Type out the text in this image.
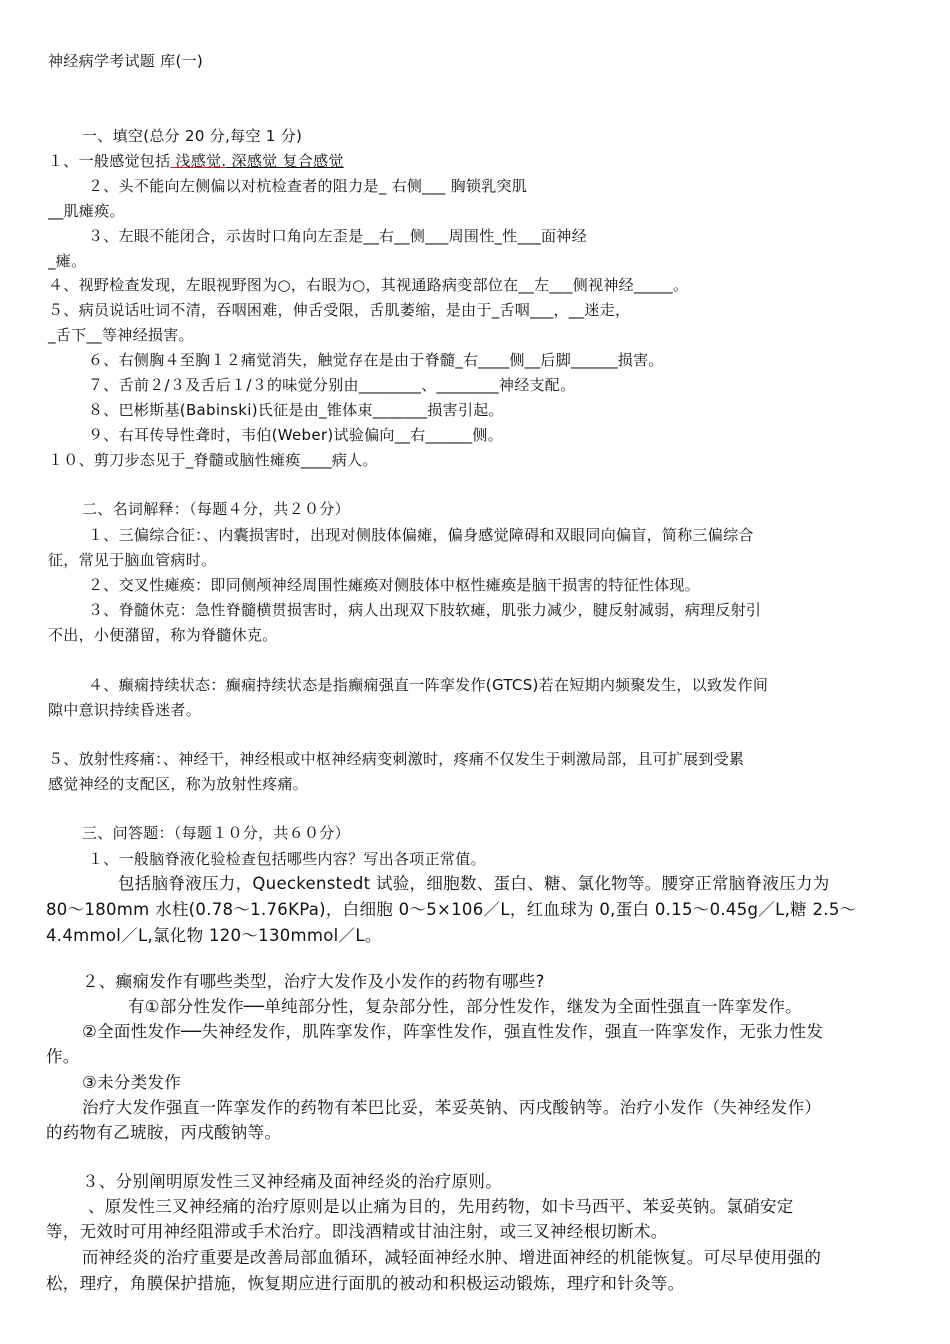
神经病学考试题 库(一)
一、填空(总分 20 分,每空 1 分)
１、一般感觉包括 浅感觉. 深感觉 复合感觉
２、头不能向左侧偏以对杭检查者的阻力是_ 右侧___ 胸锁乳突肌
__肌瘫痪。
３、左眼不能闭合，示齿时口角向左歪是__右__侧___周围性_性___面神经
_瘫。
４、视野检查发现，左眼视野图为○，右眼为○，其视通路病变部位在__左___侧视神经_____。
５、病员说话吐词不清，吞咽困难，伸舌受限，舌肌萎缩，是由于_舌咽___，__迷走，
_舌下__等神经损害。
６、右侧胸４至胸１２痛觉消失，触觉存在是由于脊髓_右____侧__后脚______损害。
７、舌前２/３及舌后１/３的味觉分别由________、________神经支配。
８、巴彬斯基(Babinski)氏征是由_锥体束_______损害引起。
９、右耳传导性聋时，韦伯(Weber)试验偏向__右______侧。
１０、剪刀步态见于_脊髓或脑性瘫痪____病人。
二、名词解释：（每题４分，共２０分）
１、三偏综合征：、内囊损害时，出现对侧肢体偏瘫，偏身感觉障碍和双眼同向偏盲，简称三偏综合
征，常见于脑血管病时。
２、交叉性瘫痪：即同侧颅神经周围性瘫痪对侧肢体中枢性瘫痪是脑干损害的特征性体现。
３、脊髓休克：急性脊髓横贯损害时，病人出现双下肢软瘫，肌张力减少，腱反射减弱，病理反射引
不出，小便潴留，称为脊髓休克。
４、癫痫持续状态：癫痫持续状态是指癫痫强直一阵挛发作(GTCS)若在短期内频聚发生，以致发作间
隙中意识持续昏迷者。
５、放射性疼痛：、神经干，神经根或中枢神经病变刺激时，疼痛不仅发生于刺激局部，且可扩展到受累
感觉神经的支配区，称为放射性疼痛。
三、问答题：（每题１０分，共６０分）
１、一般脑脊液化验检查包括哪些内容？写出各项正常值。
包括脑脊液压力，Queckenstedt 试验，细胞数、蛋白、糖、氯化物等。腰穿正常脑脊液压力为
80～180mm 水柱(0.78～1.76KPa)，白细胞 0～5×106／L，红血球为 0,蛋白 0.15～0.45g／L,糖 2.5～
4.4mmol／L,氯化物 120～130mmol／L。
２、癫痫发作有哪些类型，治疗大发作及小发作的药物有哪些?
有①部分性发作──单纯部分性，复杂部分性，部分性发作，继发为全面性强直一阵挛发作。
②全面性发作──失神经发作，肌阵挛发作，阵挛性发作，强直性发作，强直一阵挛发作，无张力性发
作。
③未分类发作
治疗大发作强直一阵挛发作的药物有苯巴比妥，苯妥英钠、丙戌酸钠等。治疗小发作（失神经发作）
的药物有乙琥胺，丙戌酸钠等。
３、分别阐明原发性三叉神经痛及面神经炎的治疗原则。
、原发性三叉神经痛的治疗原则是以止痛为目的，先用药物，如卡马西平、苯妥英钠。氯硝安定
等，无效时可用神经阻滞或手术治疗。即浅酒精或甘油注射，或三叉神经根切断术。
而神经炎的治疗重要是改善局部血循环，减轻面神经水肿、增进面神经的机能恢复。可尽早使用强的
松，理疗，角膜保护措施，恢复期应进行面肌的被动和积极运动锻炼，理疗和针灸等。
